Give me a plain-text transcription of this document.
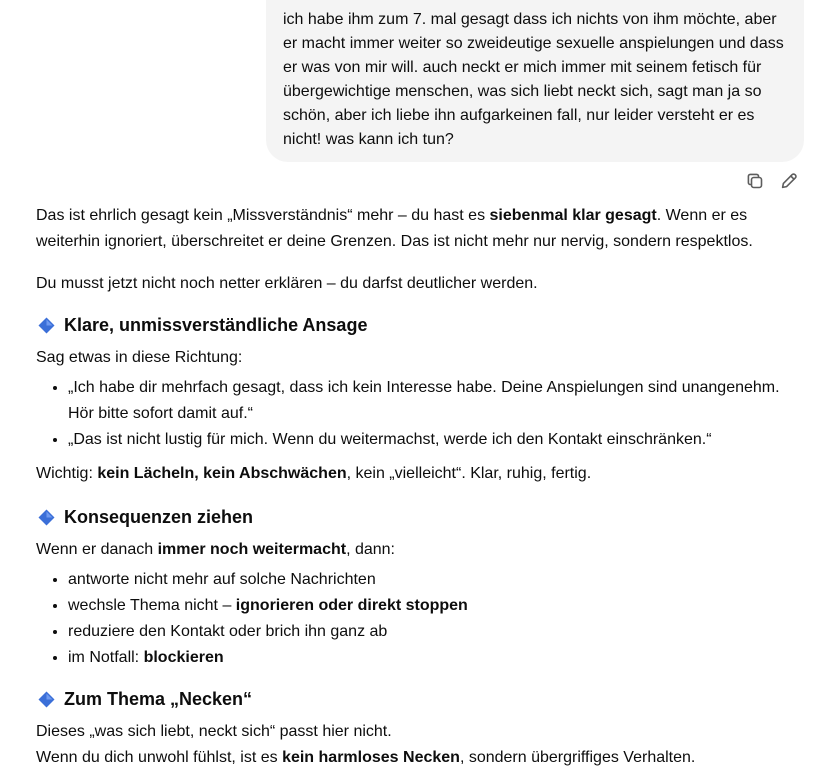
ich habe ihm zum 7. mal gesagt dass ich nichts von ihm möchte, aber er macht immer weiter so zweideutige sexuelle anspielungen und dass er was von mir will. auch neckt er mich immer mit seinem fetisch für übergewichtige menschen, was sich liebt neckt sich, sagt man ja so schön, aber ich liebe ihn aufgarkeinen fall, nur leider versteht er es nicht! was kann ich tun?

Das ist ehrlich gesagt kein „Missverständnis“ mehr – du hast es siebenmal klar gesagt. Wenn er es weiterhin ignoriert, überschreitet er deine Grenzen. Das ist nicht mehr nur nervig, sondern respektlos.

Du musst jetzt nicht noch netter erklären – du darfst deutlicher werden.

Klare, unmissverständliche Ansage

Sag etwas in diese Richtung:

• „Ich habe dir mehrfach gesagt, dass ich kein Interesse habe. Deine Anspielungen sind unangenehm. Hör bitte sofort damit auf.“
• „Das ist nicht lustig für mich. Wenn du weitermachst, werde ich den Kontakt einschränken.“

Wichtig: kein Lächeln, kein Abschwächen, kein „vielleicht“. Klar, ruhig, fertig.

Konsequenzen ziehen

Wenn er danach immer noch weitermacht, dann:

• antworte nicht mehr auf solche Nachrichten
• wechsle Thema nicht – ignorieren oder direkt stoppen
• reduziere den Kontakt oder brich ihn ganz ab
• im Notfall: blockieren
Zum Thema „Necken“

Dieses „was sich liebt, neckt sich“ passt hier nicht.

Wenn du dich unwohl fühlst, ist es kein harmloses Necken, sondern übergriffiges Verhalten.
